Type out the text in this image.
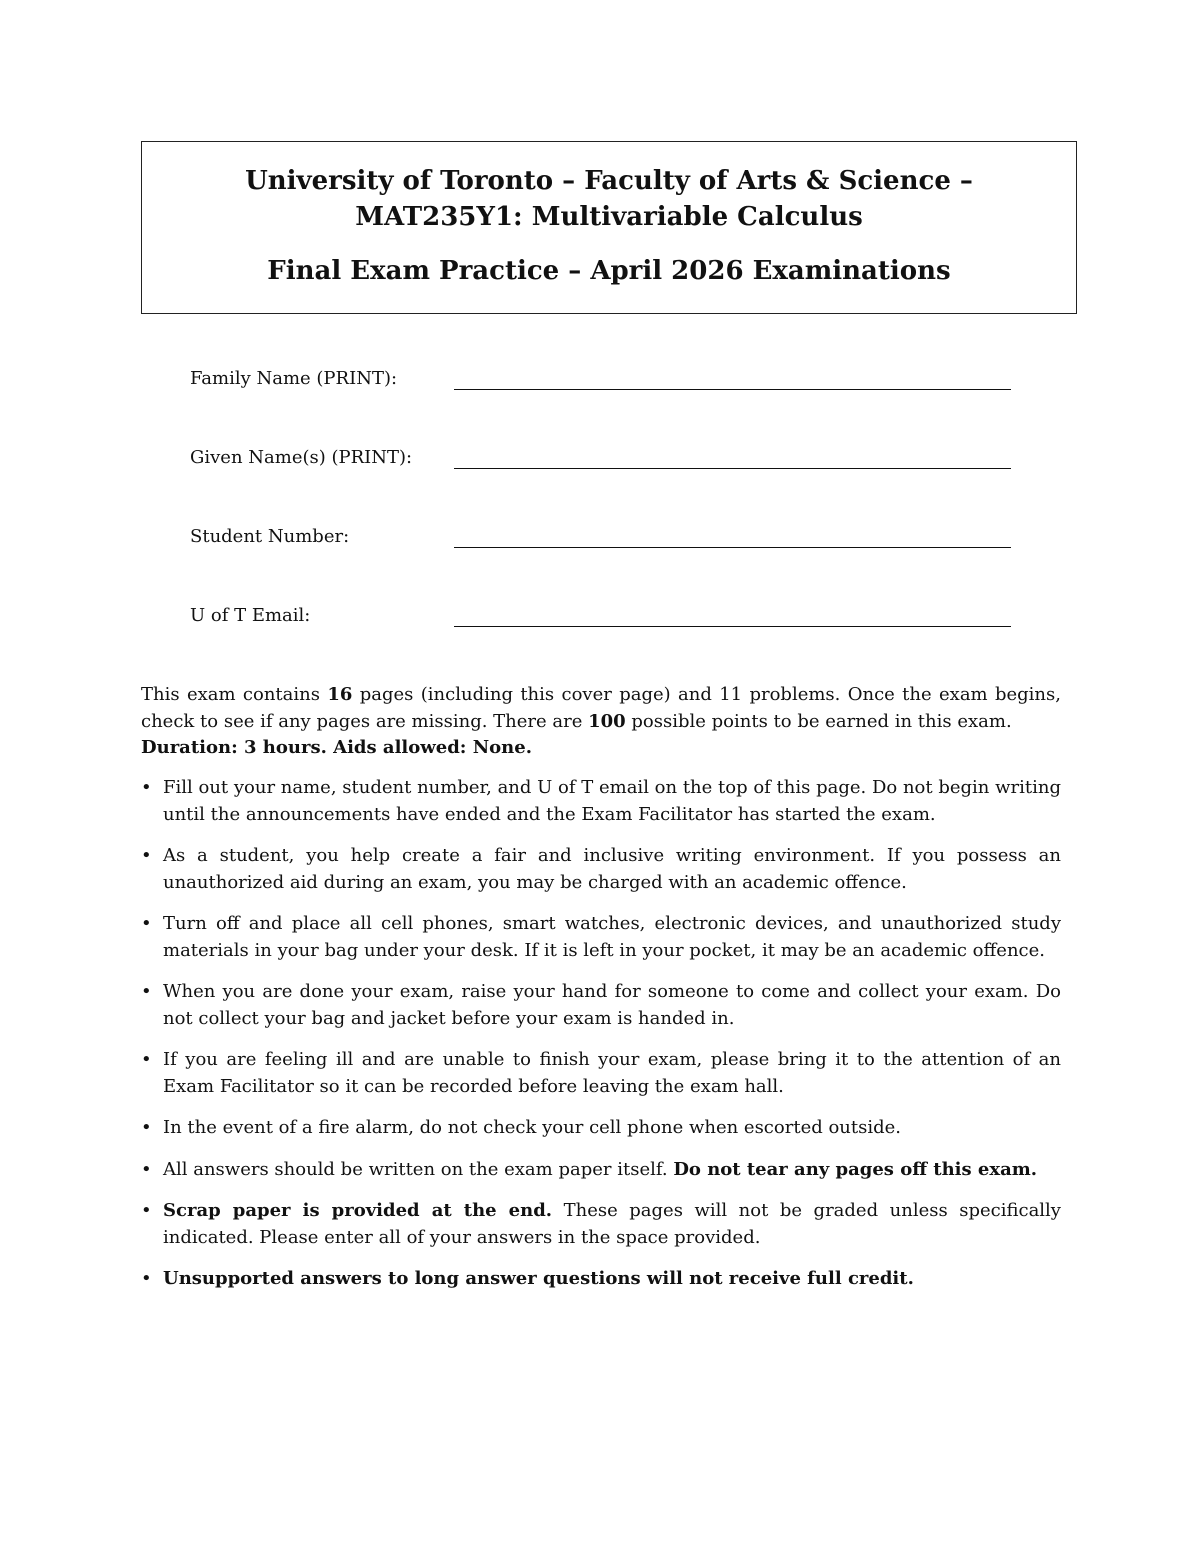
University of Toronto – Faculty of Arts & Science –
MAT235Y1: Multivariable Calculus
Final Exam Practice – April 2026 Examinations
Family Name (PRINT):
Given Name(s) (PRINT):
Student Number:
U of T Email:
This exam contains 16 pages (including this cover page) and 11 problems. Once the exam begins, check to see if any pages are missing. There are 100 possible points to be earned in this exam.
Duration: 3 hours. Aids allowed: None.
• Fill out your name, student number, and U of T email on the top of this page. Do not begin writing until the announcements have ended and the Exam Facilitator has started the exam.
• As a student, you help create a fair and inclusive writing environment. If you possess an unauthorized aid during an exam, you may be charged with an academic offence.
• Turn off and place all cell phones, smart watches, electronic devices, and unauthorized study materials in your bag under your desk. If it is left in your pocket, it may be an academic offence.
• When you are done your exam, raise your hand for someone to come and collect your exam. Do not collect your bag and jacket before your exam is handed in.
• If you are feeling ill and are unable to finish your exam, please bring it to the attention of an Exam Facilitator so it can be recorded before leaving the exam hall.
• In the event of a fire alarm, do not check your cell phone when escorted outside.
• All answers should be written on the exam paper itself. Do not tear any pages off this exam.
• Scrap paper is provided at the end. These pages will not be graded unless specifically indicated. Please enter all of your answers in the space provided.
• Unsupported answers to long answer questions will not receive full credit.
